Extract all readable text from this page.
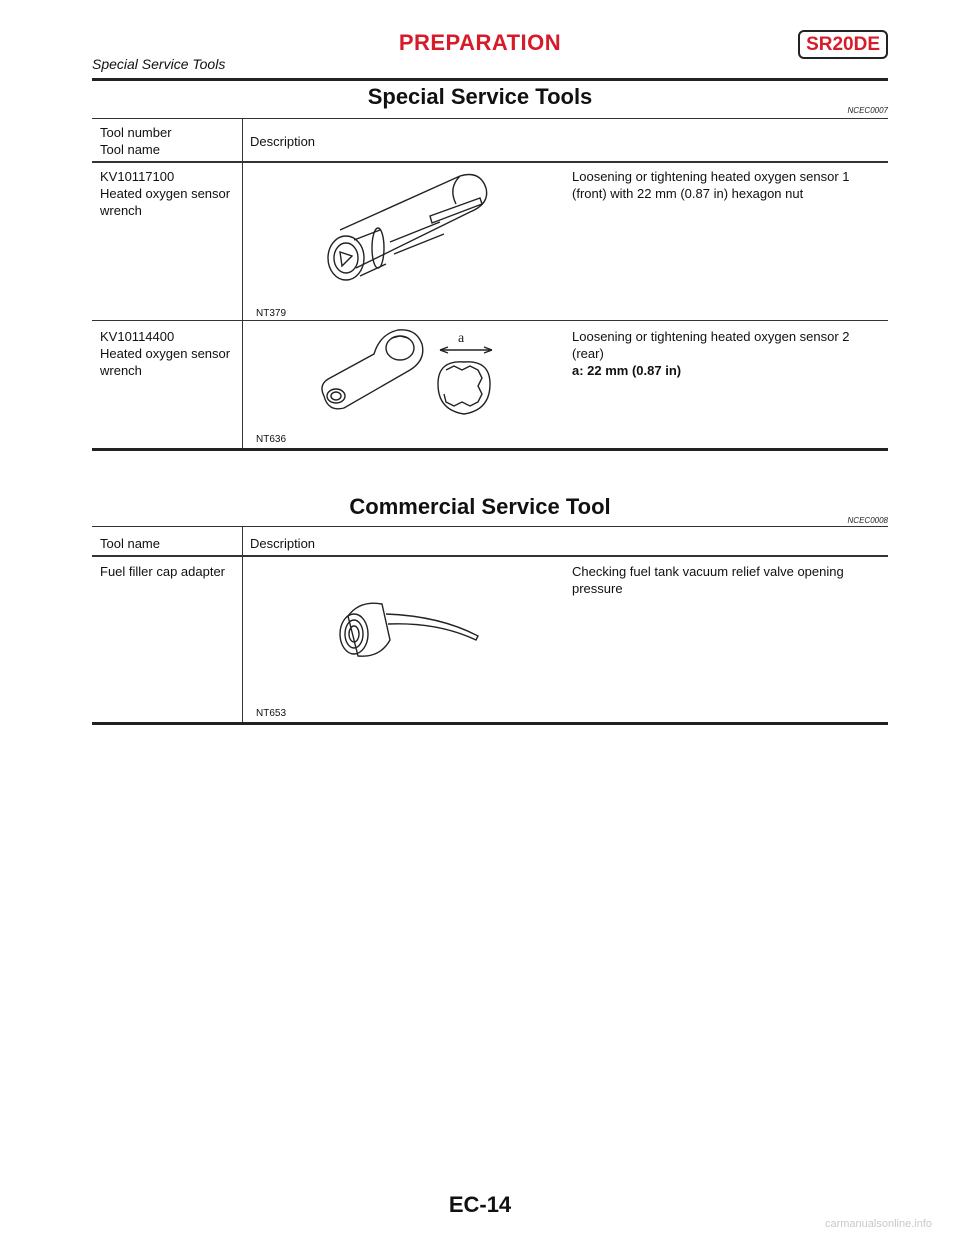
PREPARATION	SR20DE
Special Service Tools
Special Service Tools
NCEC0007
Tool number
Tool name
Description
KV10117100
Heated oxygen sensor
wrench
NT379
Loosening or tightening heated oxygen sensor 1
(front) with 22 mm (0.87 in) hexagon nut
KV10114400
Heated oxygen sensor
wrench
a
NT636
Loosening or tightening heated oxygen sensor 2
(rear)
a: 22 mm (0.87 in)
Commercial Service Tool
NCEC0008
Tool name	Description
Fuel filler cap adapter
NT653
Checking fuel tank vacuum relief valve opening
pressure
EC-14
carmanualsonline.info
